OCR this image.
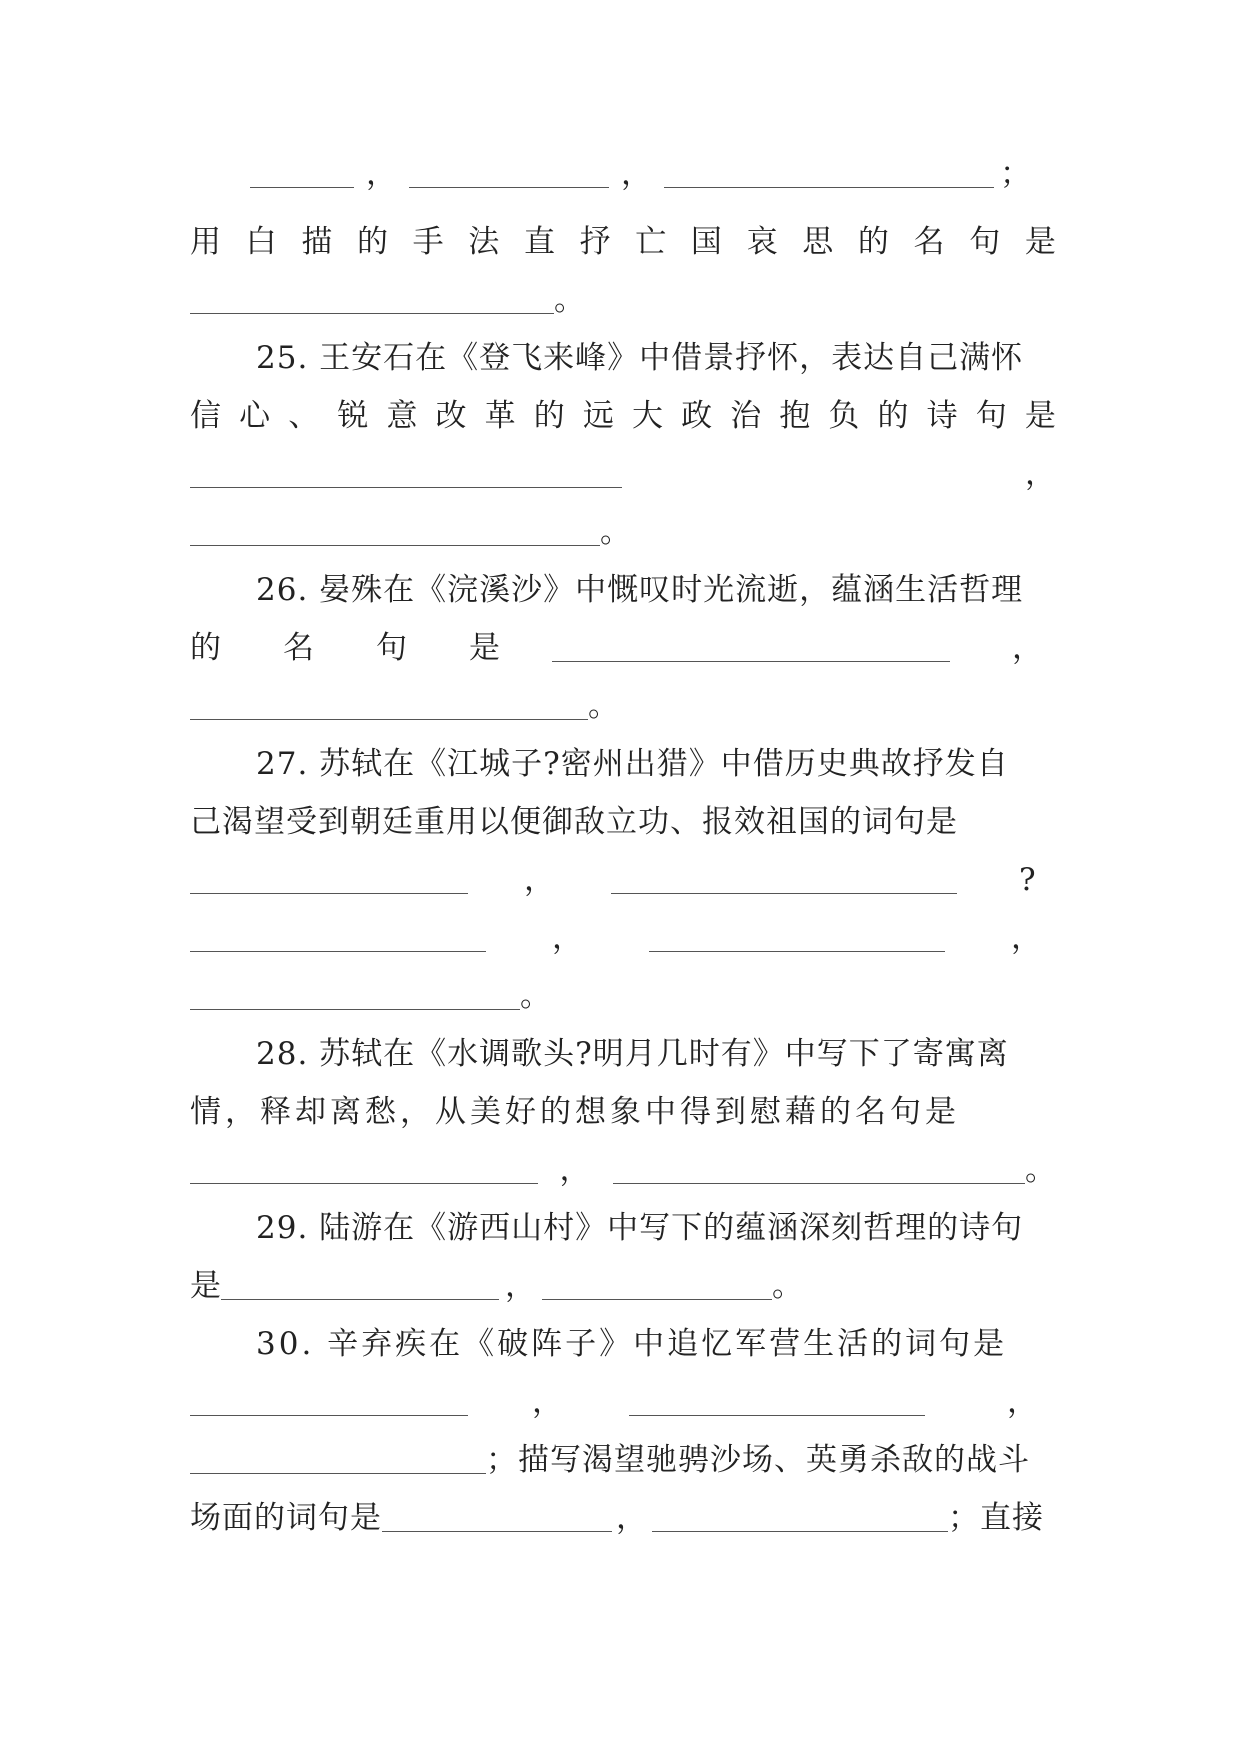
，	，	；
用 白 描 的 手 法 直 抒 亡 国 哀 思 的 名 句 是
。
25. 王安石在《登飞来峰》中借景抒怀，表达自己满怀
信 心 、 锐 意 改 革 的 远 大 政 治 抱 负 的 诗 句 是
，
。
26. 晏殊在《浣溪沙》中慨叹时光流逝，蕴涵生活哲理
的 名 句 是	，
。
27. 苏轼在《江城子?密州出猎》中借历史典故抒发自
己渴望受到朝廷重用以便御敌立功、报效祖国的词句是
，	?
，	，
。
28. 苏轼在《水调歌头?明月几时有》中写下了寄寓离
情，释却离愁，从美好的想象中得到慰藉的名句是
，	。
29. 陆游在《游西山村》中写下的蕴涵深刻哲理的诗句
是	，	。
30. 辛弃疾在《破阵子》中追忆军营生活的词句是
，	，
；描写渴望驰骋沙场、英勇杀敌的战斗
场面的词句是	，	；直接
